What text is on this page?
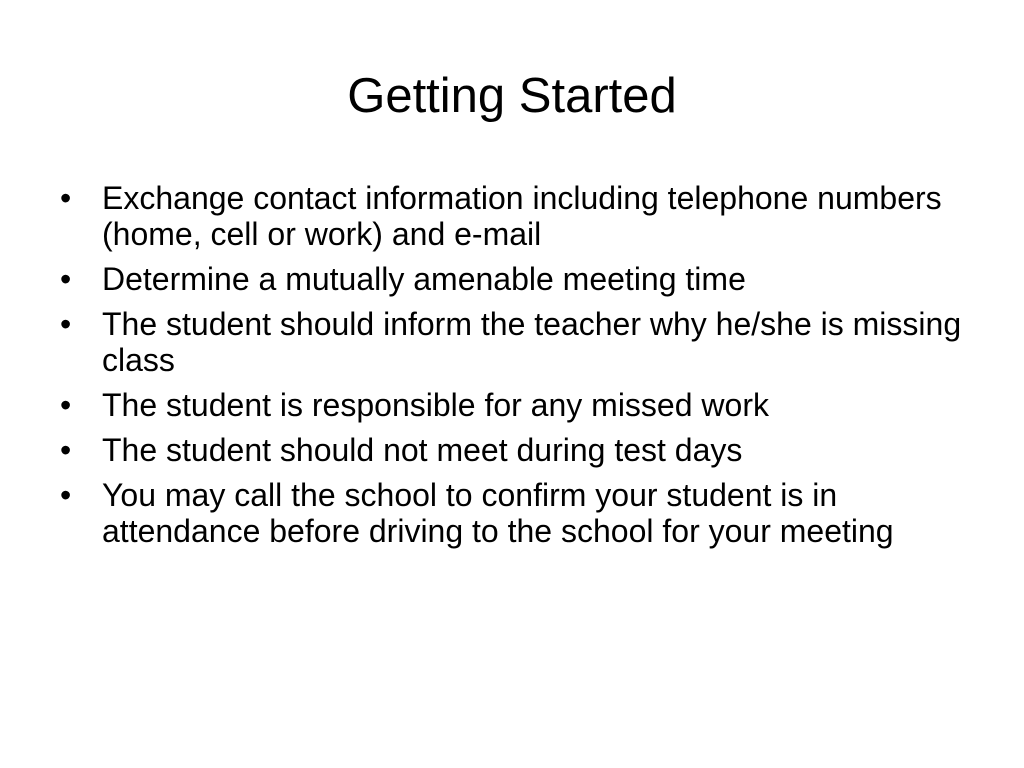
Getting Started
• Exchange contact information including telephone numbers (home, cell or work) and e-mail
• Determine a mutually amenable meeting time
• The student should inform the teacher why he/she is missing class
• The student is responsible for any missed work
• The student should not meet during test days
• You may call the school to confirm your student is in attendance before driving to the school for your meeting
